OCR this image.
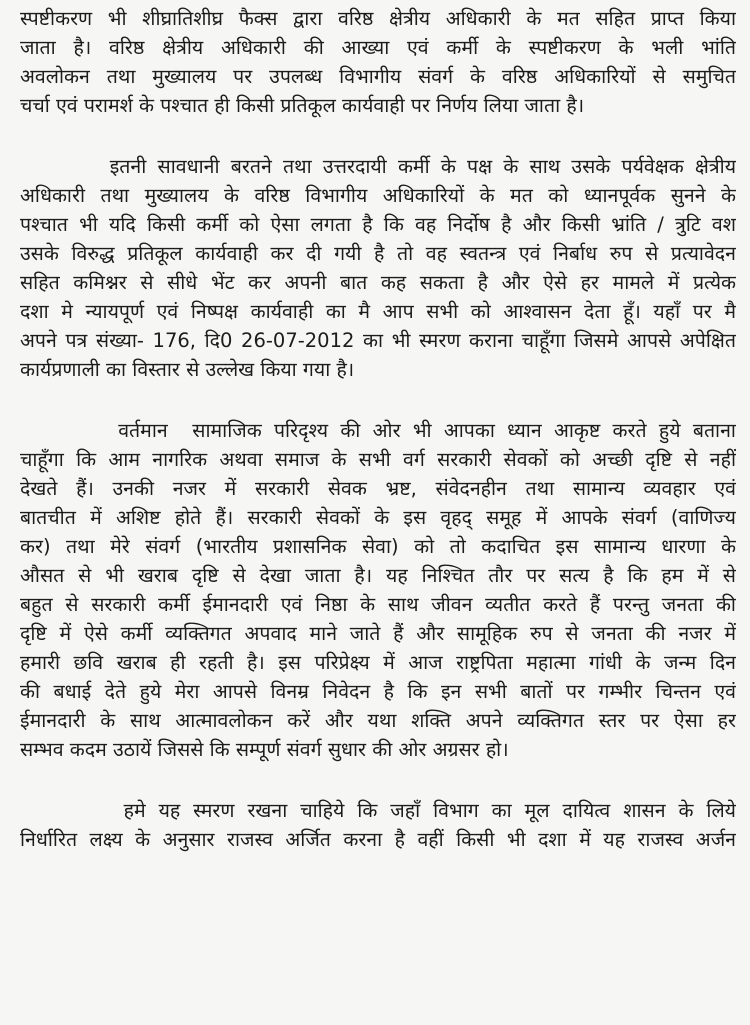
स्पष्टीकरण भी शीघ्रातिशीघ्र फैक्स द्वारा वरिष्ठ क्षेत्रीय अधिकारी के मत सहित प्राप्त किया
जाता है। वरिष्ठ क्षेत्रीय अधिकारी की आख्या एवं कर्मी के स्पष्टीकरण के भली भांति
अवलोकन तथा मुख्यालय पर उपलब्ध विभागीय संवर्ग के वरिष्ठ अधिकारियों से समुचित
चर्चा एवं परामर्श के पश्चात ही किसी प्रतिकूल कार्यवाही पर निर्णय लिया जाता है।
इतनी सावधानी बरतने तथा उत्तरदायी कर्मी के पक्ष के साथ उसके पर्यवेक्षक क्षेत्रीय
अधिकारी तथा मुख्यालय के वरिष्ठ विभागीय अधिकारियों के मत को ध्यानपूर्वक सुनने के
पश्चात भी यदि किसी कर्मी को ऐसा लगता है कि वह निर्दोष है और किसी भ्रांति / त्रुटि वश
उसके विरुद्ध प्रतिकूल कार्यवाही कर दी गयी है तो वह स्वतन्त्र एवं निर्बाध रुप से प्रत्यावेदन
सहित कमिश्नर से सीधे भेंट कर अपनी बात कह सकता है और ऐसे हर मामले में प्रत्येक
दशा मे न्यायपूर्ण एवं निष्पक्ष कार्यवाही का मै आप सभी को आश्वासन देता हूँ। यहाँ पर मै
अपने पत्र संख्या- 176, दि0 26-07-2012 का भी स्मरण कराना चाहूँगा जिसमे आपसे अपेक्षित
कार्यप्रणाली का विस्तार से उल्लेख किया गया है।
वर्तमान  सामाजिक परिदृश्य की ओर भी आपका ध्यान आकृष्ट करते हुये बताना
चाहूँगा कि आम नागरिक अथवा समाज के सभी वर्ग सरकारी सेवकों को अच्छी दृष्टि से नहीं
देखते हैं। उनकी नजर में सरकारी सेवक भ्रष्ट, संवेदनहीन तथा सामान्य व्यवहार एवं
बातचीत में अशिष्ट होते हैं। सरकारी सेवकों के इस वृहद् समूह में आपके संवर्ग (वाणिज्य
कर) तथा मेरे संवर्ग (भारतीय प्रशासनिक सेवा) को तो कदाचित इस सामान्य धारणा के
औसत से भी खराब दृष्टि से देखा जाता है। यह निश्चित तौर पर सत्य है कि हम में से
बहुत से सरकारी कर्मी ईमानदारी एवं निष्ठा के साथ जीवन व्यतीत करते हैं परन्तु जनता की
दृष्टि में ऐसे कर्मी व्यक्तिगत अपवाद माने जाते हैं और सामूहिक रुप से जनता की नजर में
हमारी छवि खराब ही रहती है। इस परिप्रेक्ष्य में आज राष्ट्रपिता महात्मा गांधी के जन्म दिन
की बधाई देते हुये मेरा आपसे विनम्र निवेदन है कि इन सभी बातों पर गम्भीर चिन्तन एवं
ईमानदारी के साथ आत्मावलोकन करें और यथा शक्ति अपने व्यक्तिगत स्तर पर ऐसा हर
सम्भव कदम उठायें जिससे कि सम्पूर्ण संवर्ग सुधार की ओर अग्रसर हो।
हमे यह स्मरण रखना चाहिये कि जहाँ विभाग का मूल दायित्व शासन के लिये
निर्धारित लक्ष्य के अनुसार राजस्व अर्जित करना है वहीं किसी भी दशा में यह राजस्व अर्जन
